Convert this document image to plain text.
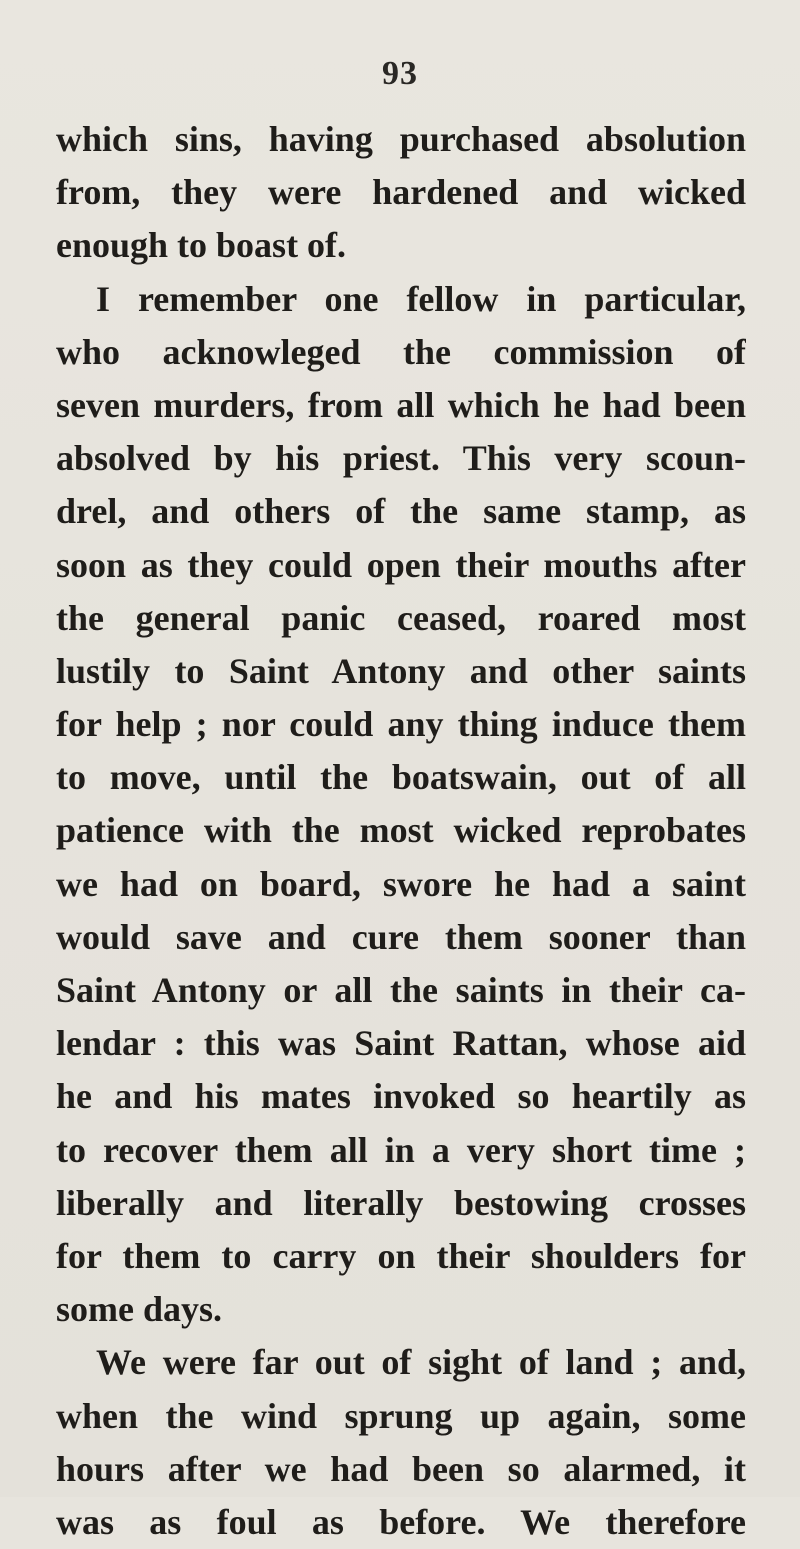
93
which sins, having purchased absolution
from, they were hardened and wicked
enough to boast of.
I remember one fellow in particular,
who acknowleged the commission of
seven murders, from all which he had been
absolved by his priest. This very scoun-
drel, and others of the same stamp, as
soon as they could open their mouths after
the general panic ceased, roared most
lustily to Saint Antony and other saints
for help ; nor could any thing induce them
to move, until the boatswain, out of all
patience with the most wicked reprobates
we had on board, swore he had a saint
would save and cure them sooner than
Saint Antony or all the saints in their ca-
lendar : this was Saint Rattan, whose aid
he and his mates invoked so heartily as
to recover them all in a very short time ;
liberally and literally bestowing crosses
for them to carry on their shoulders for
some days.
We were far out of sight of land ; and,
when the wind sprung up again, some
hours after we had been so alarmed, it
was as foul as before. We therefore
